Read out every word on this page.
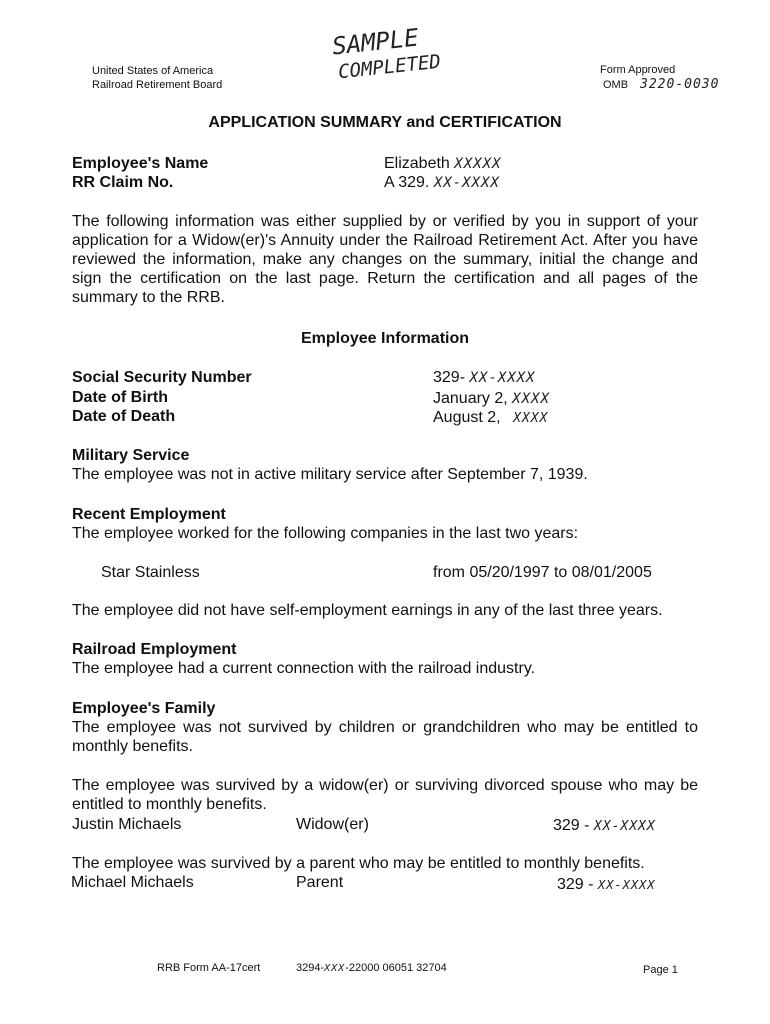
United States of America
Railroad Retirement Board
SAMPLE
COMPLETED	Form Approved
OMB 3220-0030
APPLICATION SUMMARY and CERTIFICATION
Employee's Name	Elizabeth XXXXX
RR Claim No.	A 329. XX-XXXX
The following information was either supplied by or verified by you in support of your application for a Widow(er)'s Annuity under the Railroad Retirement Act. After you have reviewed the information, make any changes on the summary, initial the change and sign the certification on the last page. Return the certification and all pages of the summary to the RRB.
Employee Information
Social Security Number	329- XX-XXXX
Date of Birth	January 2, XXXX
Date of Death	August 2, XXXX
Military Service
The employee was not in active military service after September 7, 1939.
Recent Employment
The employee worked for the following companies in the last two years:
Star Stainless	from 05/20/1997 to 08/01/2005
The employee did not have self-employment earnings in any of the last three years.
Railroad Employment
The employee had a current connection with the railroad industry.
Employee's Family
The employee was not survived by children or grandchildren who may be entitled to monthly benefits.
The employee was survived by a widow(er) or surviving divorced spouse who may be entitled to monthly benefits.
Justin Michaels	Widow(er)	329 - XX-XXXX
The employee was survived by a parent who may be entitled to monthly benefits.
Michael Michaels	Parent	329 - XX-XXXX
RRB Form AA-17cert	3294-XXX-22000 06051 32704	Page 1
